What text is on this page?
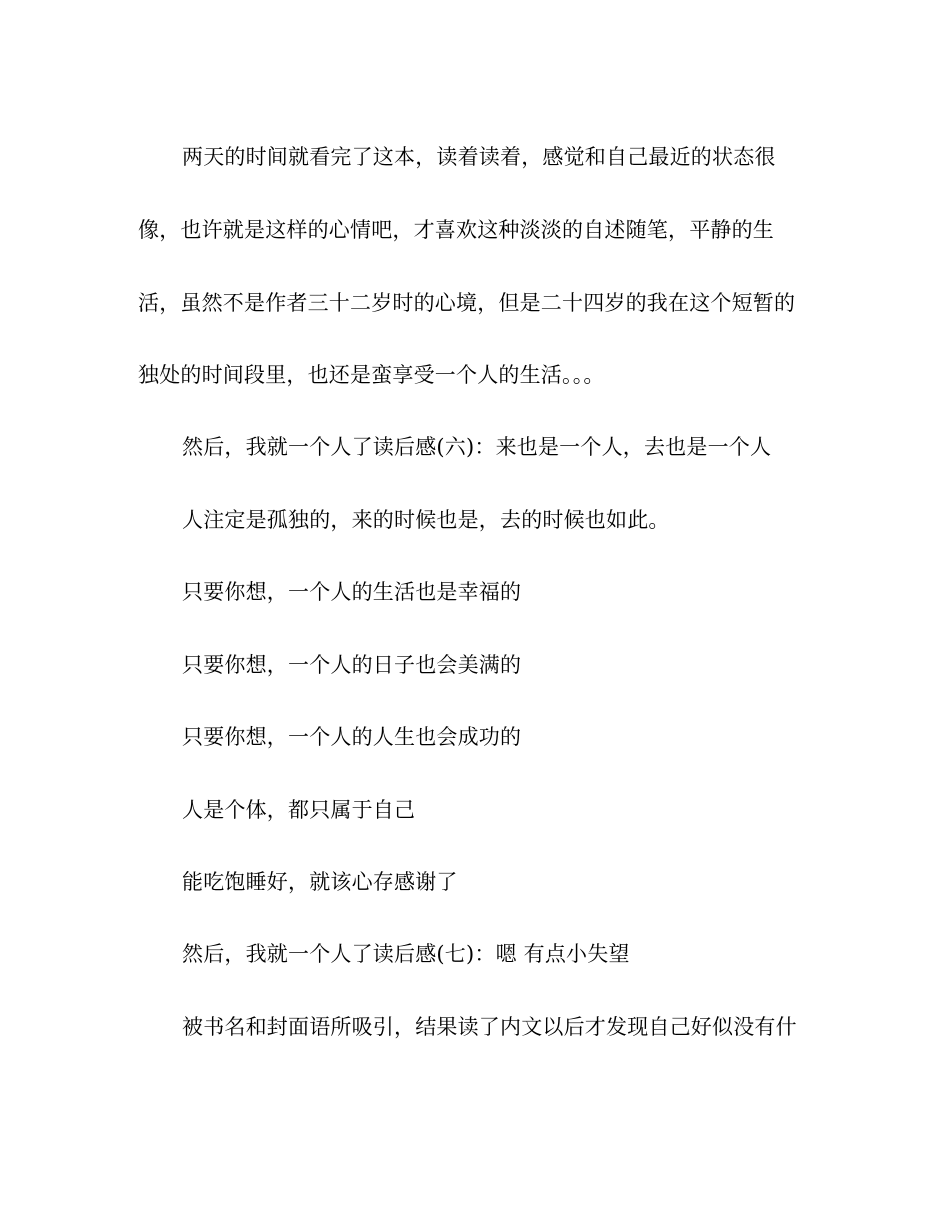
两天的时间就看完了这本，读着读着，感觉和自己最近的状态很
像，也许就是这样的心情吧，才喜欢这种淡淡的自述随笔，平静的生
活，虽然不是作者三十二岁时的心境，但是二十四岁的我在这个短暂的
独处的时间段里，也还是蛮享受一个人的生活。。。
然后，我就一个人了读后感(六)：来也是一个人，去也是一个人
人注定是孤独的，来的时候也是，去的时候也如此。
只要你想，一个人的生活也是幸福的
只要你想，一个人的日子也会美满的
只要你想，一个人的人生也会成功的
人是个体，都只属于自己
能吃饱睡好，就该心存感谢了
然后，我就一个人了读后感(七)：嗯 有点小失望
被书名和封面语所吸引，结果读了内文以后才发现自己好似没有什
